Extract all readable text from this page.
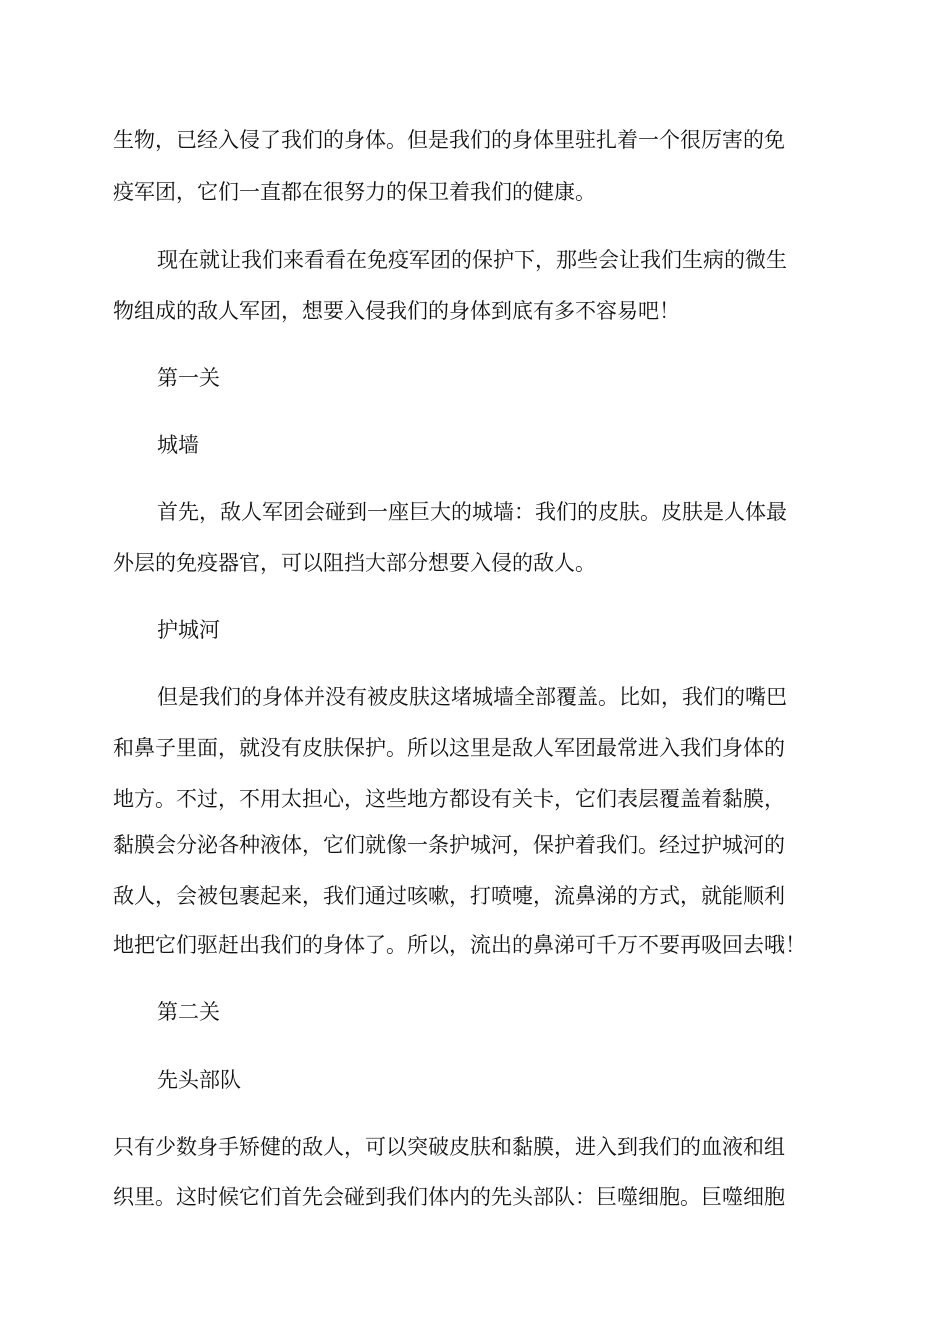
生物，已经入侵了我们的身体。但是我们的身体里驻扎着一个很厉害的免

疫军团，它们一直都在很努力的保卫着我们的健康。

现在就让我们来看看在免疫军团的保护下，那些会让我们生病的微生

物组成的敌人军团，想要入侵我们的身体到底有多不容易吧！

第一关

城墙

首先，敌人军团会碰到一座巨大的城墙：我们的皮肤。皮肤是人体最

外层的免疫器官，可以阻挡大部分想要入侵的敌人。

护城河

但是我们的身体并没有被皮肤这堵城墙全部覆盖。比如，我们的嘴巴

和鼻子里面，就没有皮肤保护。所以这里是敌人军团最常进入我们身体的

地方。不过，不用太担心，这些地方都设有关卡，它们表层覆盖着黏膜，

黏膜会分泌各种液体，它们就像一条护城河，保护着我们。经过护城河的

敌人，会被包裹起来，我们通过咳嗽，打喷嚏，流鼻涕的方式，就能顺利

地把它们驱赶出我们的身体了。所以，流出的鼻涕可千万不要再吸回去哦！

第二关

先头部队

只有少数身手矫健的敌人，可以突破皮肤和黏膜，进入到我们的血液和组

织里。这时候它们首先会碰到我们体内的先头部队：巨噬细胞。巨噬细胞
